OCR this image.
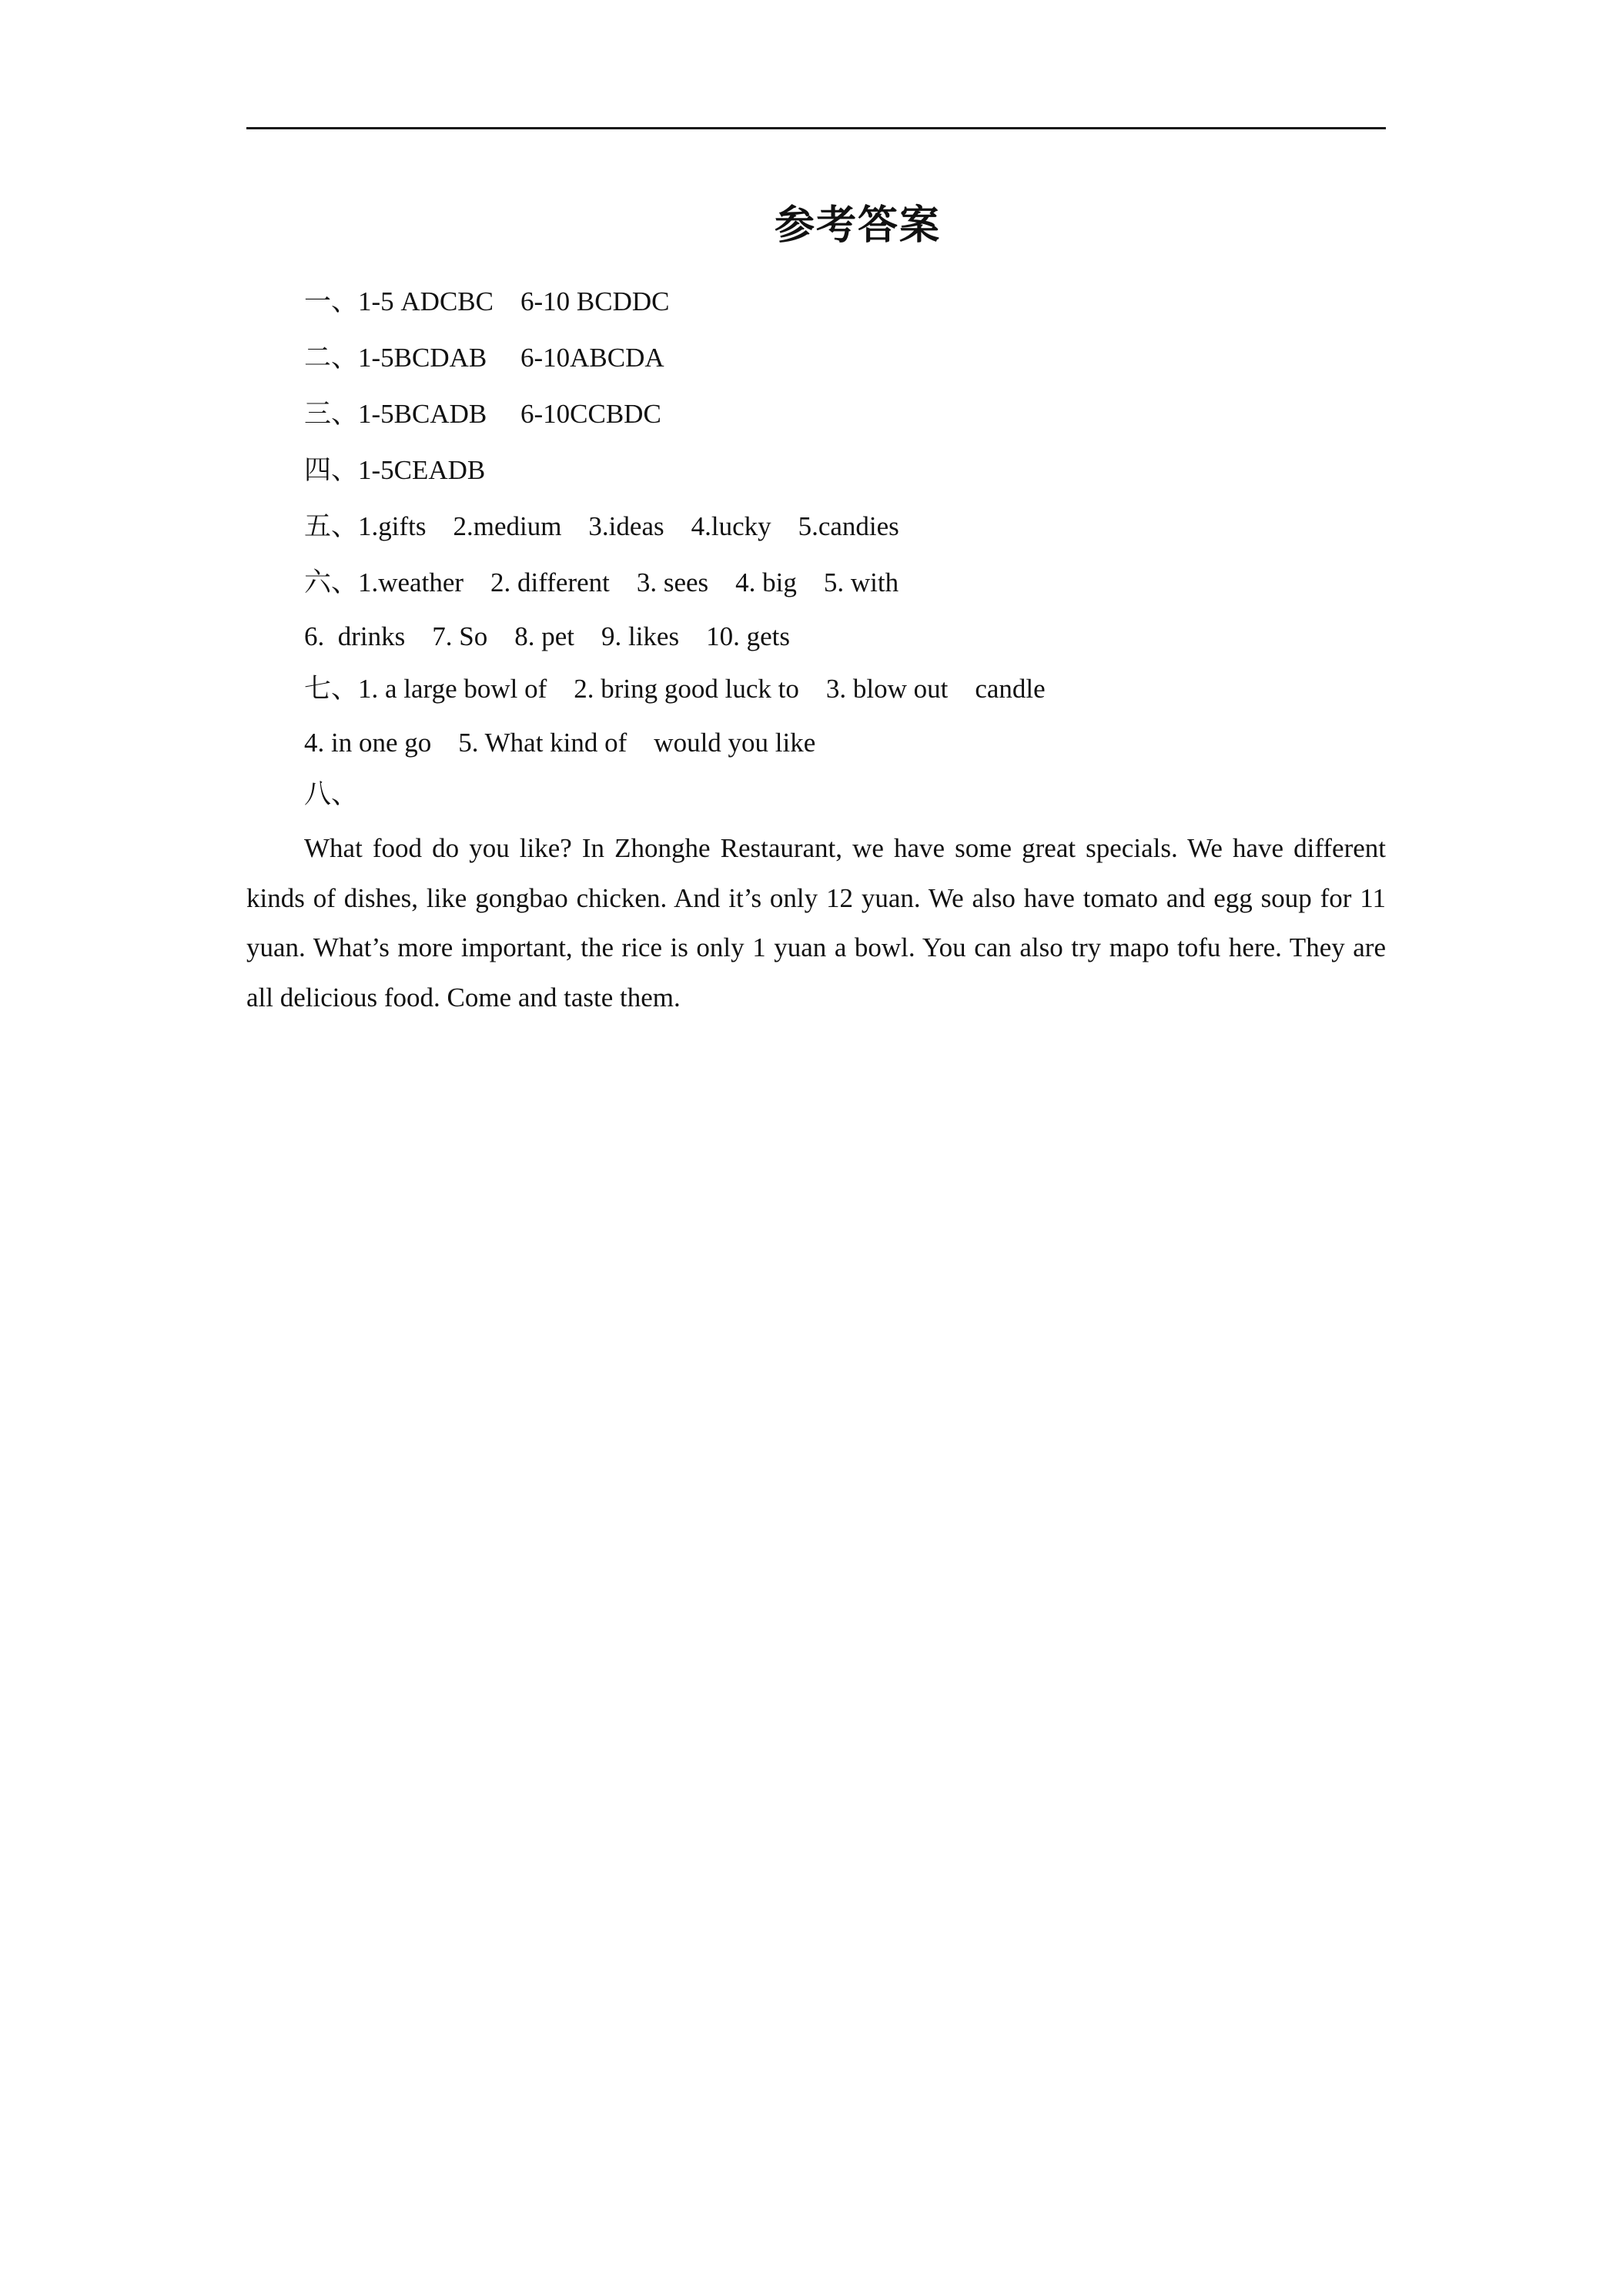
参考答案
一、1-5 ADCBC    6-10 BCDDC
二、1-5BCDAB     6-10ABCDA
三、1-5BCADB     6-10CCBDC
四、1-5CEADB
五、1.gifts    2.medium    3.ideas    4.lucky    5.candies
六、1.weather    2. different    3. sees    4. big    5. with
6.  drinks    7. So    8. pet    9. likes    10. gets
七、1. a large bowl of    2. bring good luck to    3. blow out    candle
4. in one go    5. What kind of    would you like
八、

What food do you like? In Zhonghe Restaurant, we have some great specials. We have different kinds of dishes, like gongbao chicken. And it’s only 12 yuan. We also have tomato and egg soup for 11 yuan. What’s more important, the rice is only 1 yuan a bowl. You can also try mapo tofu here. They are all delicious food. Come and taste them.
